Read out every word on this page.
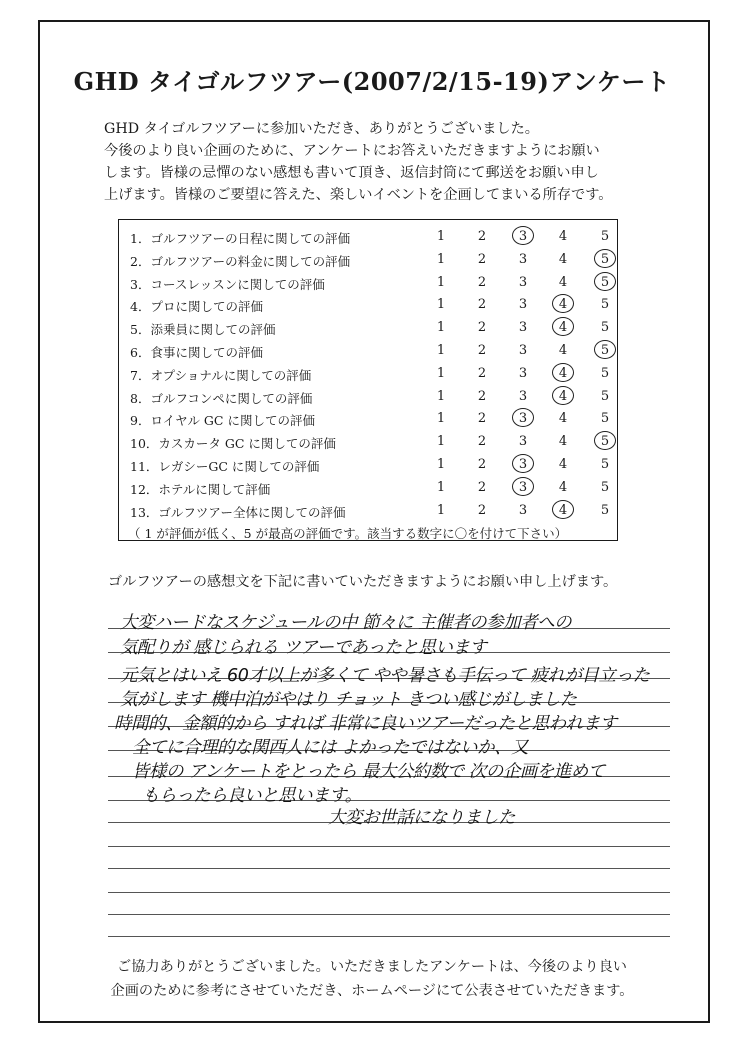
GHD タイゴルフツアー(2007/2/15-19)アンケート
GHD タイゴルフツアーに参加いただき、ありがとうございました。
今後のより良い企画のために、アンケートにお答えいただきますようにお願い
します。皆様の忌憚のない感想も書いて頂き、返信封筒にて郵送をお願い申し
上げます。皆様のご要望に答えた、楽しいイベントを企画してまいる所存です。
1．ゴルフツアーの日程に関しての評価	1	2	3	4	5
2．ゴルフツアーの料金に関しての評価	1	2	3	4	5
3．コースレッスンに関しての評価	1	2	3	4	5
4．プロに関しての評価	1	2	3	4	5
5．添乗員に関しての評価	1	2	3	4	5
6．食事に関しての評価	1	2	3	4	5
7．オプショナルに関しての評価	1	2	3	4	5
8．ゴルフコンペに関しての評価	1	2	3	4	5
9．ロイヤル GC に関しての評価	1	2	3	4	5
10．カスカータ GC に関しての評価	1	2	3	4	5
11．レガシーGC に関しての評価	1	2	3	4	5
12．ホテルに関して評価	1	2	3	4	5
13．ゴルフツアー全体に関しての評価	1	2	3	4	5
（ 1 が評価が低く、5 が最高の評価です。該当する数字に〇を付けて下さい）
ゴルフツアーの感想文を下記に書いていただきますようにお願い申し上げます。
大変ハードなスケジュールの中 節々に 主催者の参加者への
気配りが 感じられる ツアーであったと思います
元気とはいえ 60才以上が多くて やや暑さも手伝って 疲れが目立った
気がします 機中泊がやはり チョット きつい感じがしました
時間的、金額的から すれば 非常に良いツアーだったと思われます
全てに合理的な関西人には よかったではないか、又
皆様の アンケートをとったら 最大公約数で 次の企画を進めて
もらったら良いと思います。
大変お世話になりました
ご協力ありがとうございました。いただきましたアンケートは、今後のより良い
企画のために参考にさせていただき、ホームページにて公表させていただきます。
